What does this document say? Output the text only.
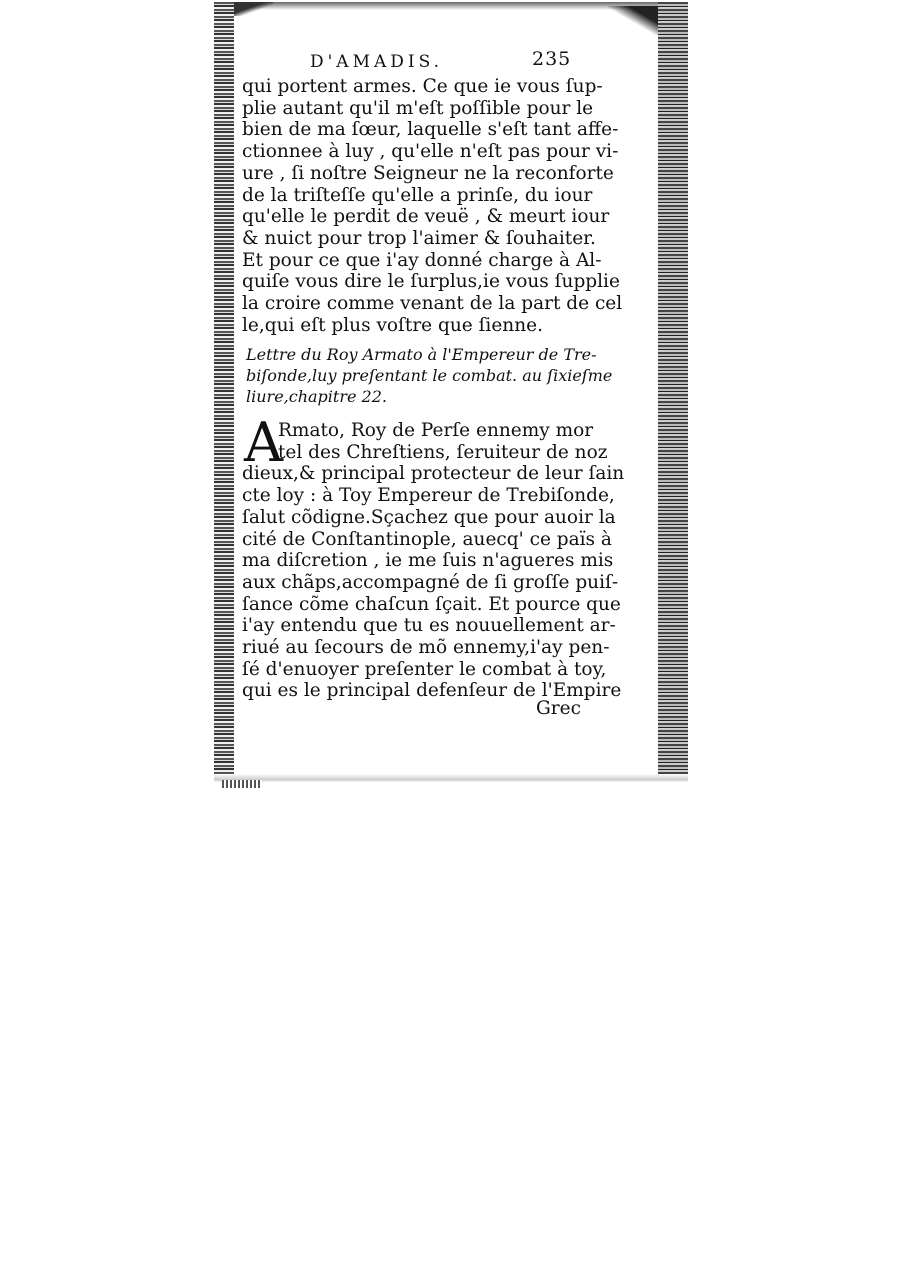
D'AMADIS.	235

qui portent armes. Ce que ie vous ſup-
plie autant qu'il m'eſt poſſible pour le
bien de ma ſœur, laquelle s'eſt tant affe-
ctionnee à luy , qu'elle n'eſt pas pour vi-
ure , ſi noſtre Seigneur ne la reconforte
de la triſteſſe qu'elle a prinſe, du iour
qu'elle le perdit de veuë , & meurt iour
& nuict pour trop l'aimer & ſouhaiter.
Et pour ce que i'ay donné charge à Al-
quiſe vous dire le ſurplus,ie vous ſupplie
la croire comme venant de la part de cel
le,qui eſt plus voſtre que ſienne.

Lettre du Roy Armato à l'Empereur de Tre-
biſonde,luy preſentant le combat. au ſixieſme
liure,chapitre 22.
A

Rmato, Roy de Perſe ennemy mor
tel des Chreſtiens, ſeruiteur de noz
dieux,& principal protecteur de leur ſain
cte loy : à Toy Empereur de Trebiſonde,
ſalut cõdigne.Sçachez que pour auoir la
cité de Conſtantinople, auecq' ce païs à
ma diſcretion , ie me ſuis n'agueres mis
aux chãps,accompagné de ſi groſſe puiſ-
ſance cõme chaſcun ſçait. Et pource que
i'ay entendu que tu es nouuellement ar-
riué au ſecours de mõ ennemy,i'ay pen-
ſé d'enuoyer preſenter le combat à toy,
qui es le principal defenſeur de l'Empire

Grec
